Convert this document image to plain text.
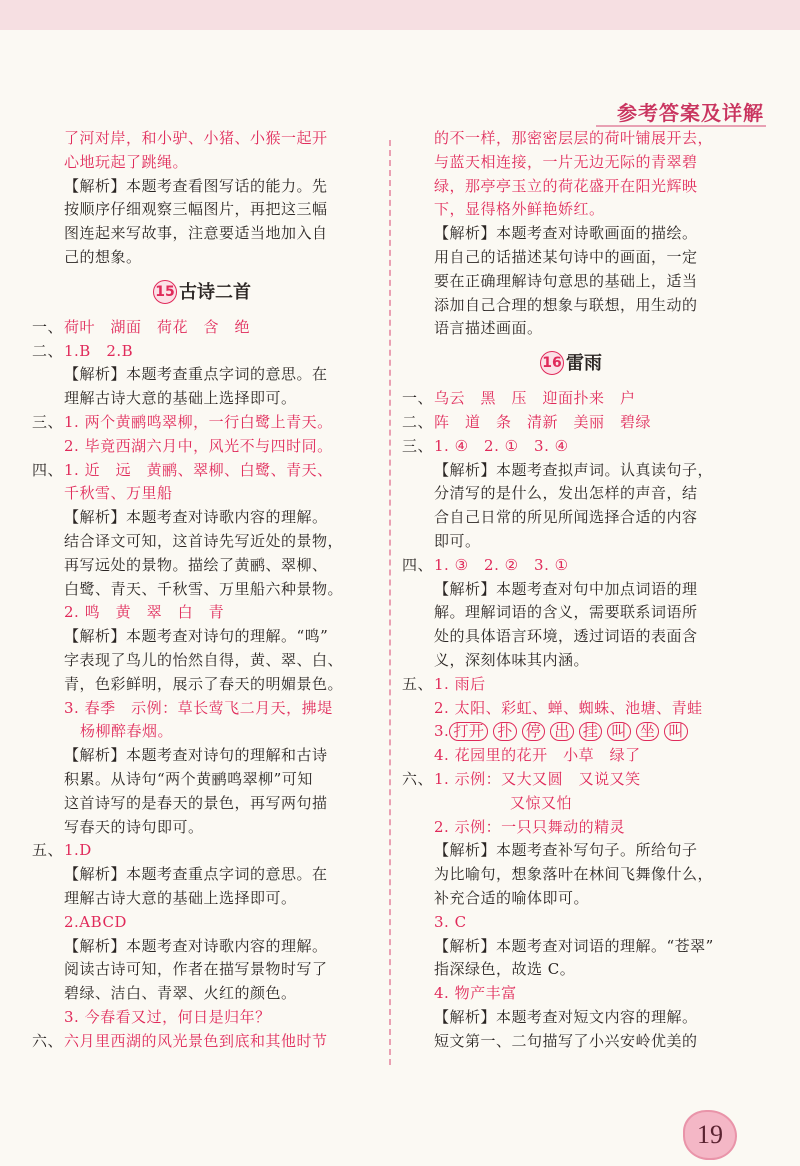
参考答案及详解
了河对岸，和小驴、小猪、小猴一起开
心地玩起了跳绳。
【解析】本题考查看图写话的能力。先
按顺序仔细观察三幅图片，再把这三幅
图连起来写故事，注意要适当地加入自
己的想象。
15 古诗二首
一、荷叶　湖面　荷花　含　绝
二、1.B　2.B
【解析】本题考查重点字词的意思。在
理解古诗大意的基础上选择即可。
三、1. 两个黄鹂鸣翠柳，一行白鹭上青天。
2. 毕竟西湖六月中，风光不与四时同。
四、1. 近　远　黄鹂、翠柳、白鹭、青天、
千秋雪、万里船
【解析】本题考查对诗歌内容的理解。
结合译文可知，这首诗先写近处的景物，
再写远处的景物。描绘了黄鹂、翠柳、
白鹭、青天、千秋雪、万里船六种景物。
2. 鸣　黄　翠　白　青
【解析】本题考查对诗句的理解。“鸣”
字表现了鸟儿的怡然自得，黄、翠、白、
青，色彩鲜明，展示了春天的明媚景色。
3. 春季　示例：草长莺飞二月天，拂堤
杨柳醉春烟。
【解析】本题考查对诗句的理解和古诗
积累。从诗句“两个黄鹂鸣翠柳”可知
这首诗写的是春天的景色，再写两句描
写春天的诗句即可。
五、1.D
【解析】本题考查重点字词的意思。在
理解古诗大意的基础上选择即可。
2.ABCD
【解析】本题考查对诗歌内容的理解。
阅读古诗可知，作者在描写景物时写了
碧绿、洁白、青翠、火红的颜色。
3. 今春看又过，何日是归年？
六、六月里西湖的风光景色到底和其他时节
的不一样，那密密层层的荷叶铺展开去，
与蓝天相连接，一片无边无际的青翠碧
绿，那亭亭玉立的荷花盛开在阳光辉映
下，显得格外鲜艳娇红。
【解析】本题考查对诗歌画面的描绘。
用自己的话描述某句诗中的画面，一定
要在正确理解诗句意思的基础上，适当
添加自己合理的想象与联想，用生动的
语言描述画面。
16 雷雨
一、乌云　黑　压　迎面扑来　户
二、阵　道　条　清新　美丽　碧绿
三、1. ④　2. ①　3. ④
【解析】本题考查拟声词。认真读句子，
分清写的是什么，发出怎样的声音，结
合自己日常的所见所闻选择合适的内容
即可。
四、1. ③　2. ②　3. ①
【解析】本题考查对句中加点词语的理
解。理解词语的含义，需要联系词语所
处的具体语言环境，透过词语的表面含
义，深刻体味其内涵。
五、1. 雨后
2. 太阳、彩虹、蝉、蜘蛛、池塘、青蛙
3. 打开 扑 停 出 挂 叫 坐 叫
4. 花园里的花开　小草　绿了
六、1. 示例：又大又圆　又说又笑
又惊又怕
2. 示例：一只只舞动的精灵
【解析】本题考查补写句子。所给句子
为比喻句，想象落叶在林间飞舞像什么，
补充合适的喻体即可。
3. C
【解析】本题考查对词语的理解。“苍翠”
指深绿色，故选 C。
4. 物产丰富
【解析】本题考查对短文内容的理解。
短文第一、二句描写了小兴安岭优美的
19
